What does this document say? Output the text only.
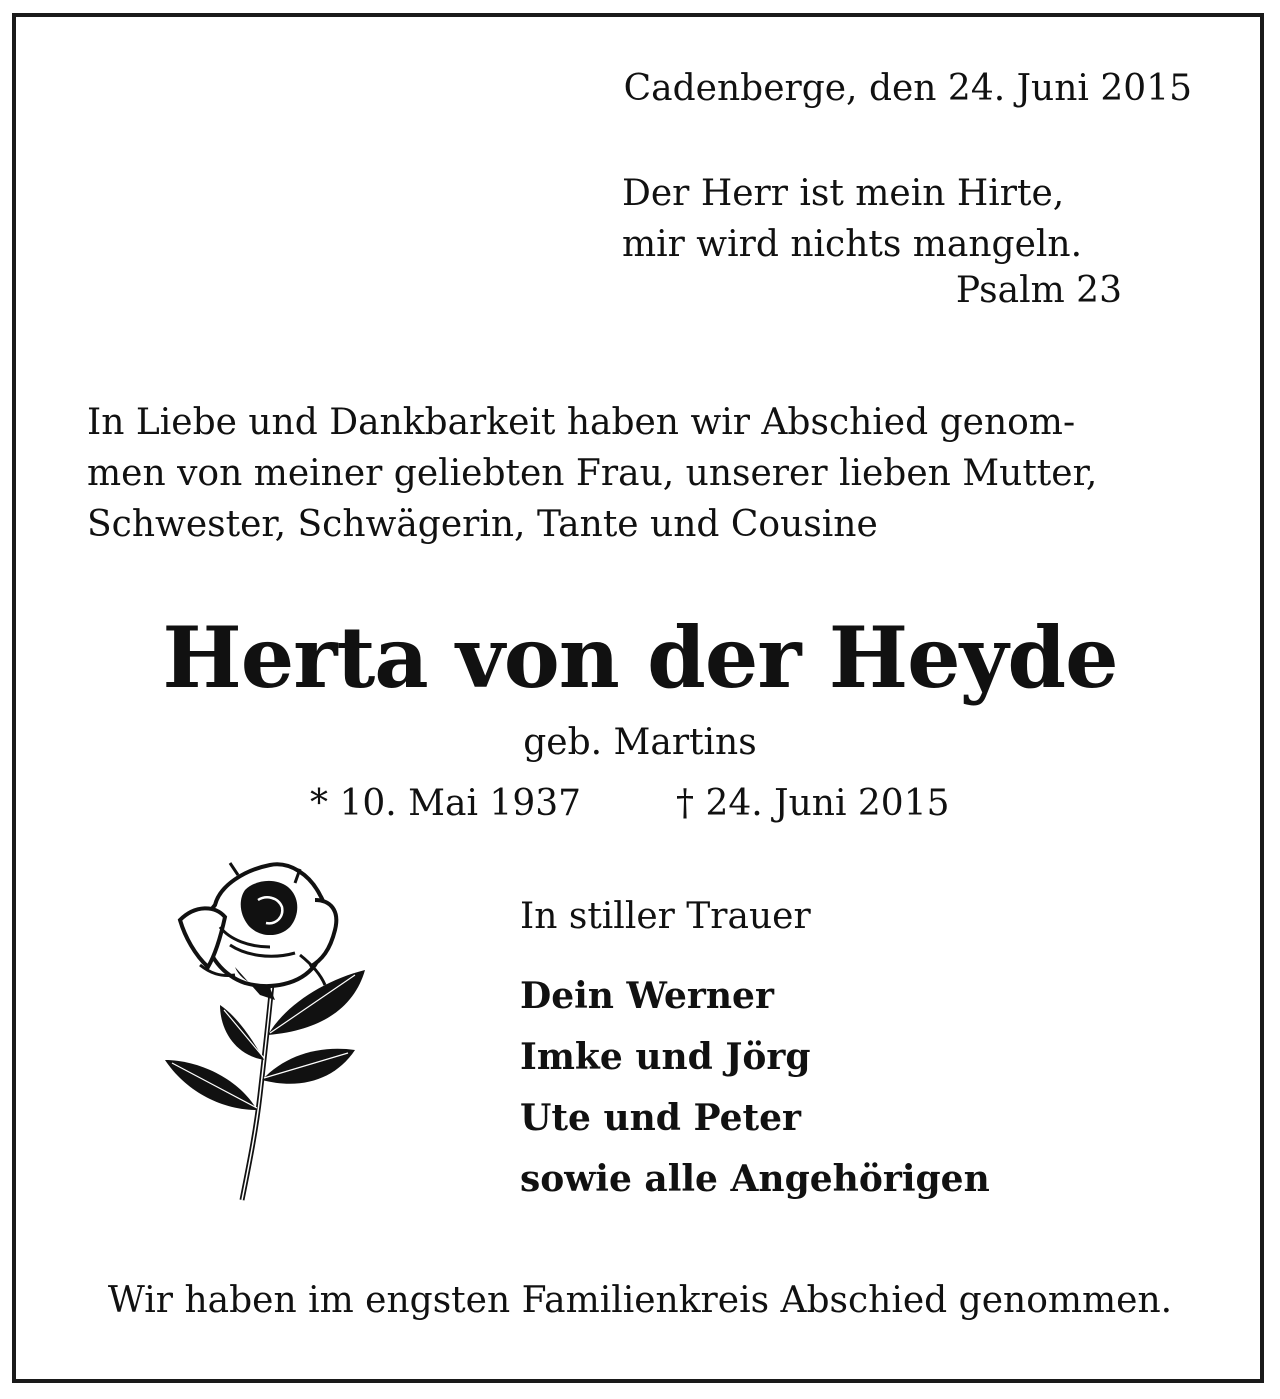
Cadenberge, den 24. Juni 2015
Der Herr ist mein Hirte,
mir wird nichts mangeln.
Psalm 23
In Liebe und Dankbarkeit haben wir Abschied genom-
men von meiner geliebten Frau, unserer lieben Mutter,
Schwester, Schwägerin, Tante und Cousine
Herta von der Heyde
geb. Martins
* 10. Mai 1937	† 24. Juni 2015
In stiller Trauer
Dein Werner
Imke und Jörg
Ute und Peter
sowie alle Angehörigen
Wir haben im engsten Familienkreis Abschied genommen.
